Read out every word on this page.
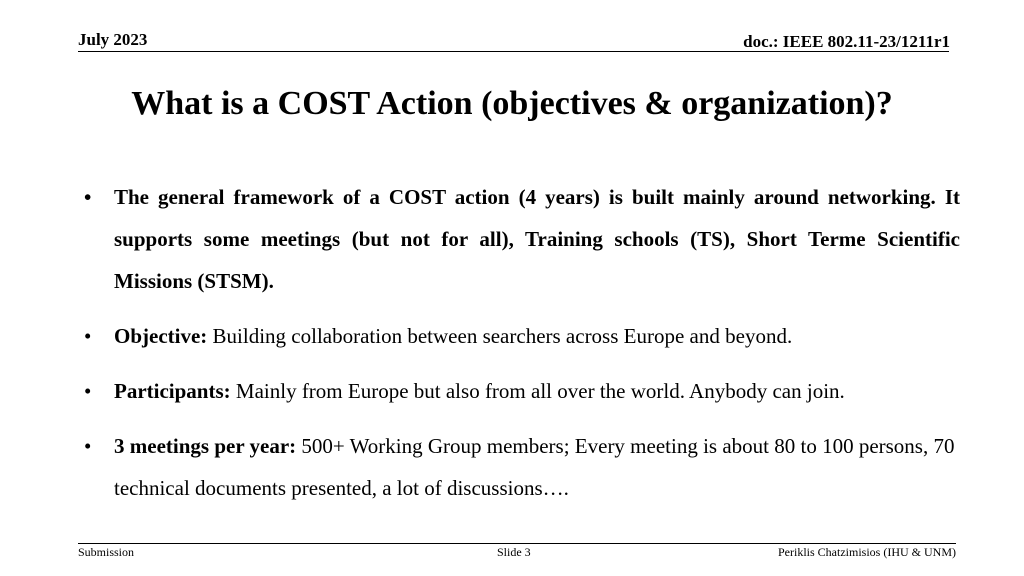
July 2023	doc.: IEEE 802.11-23/1211r1
What is a COST Action (objectives & organization)?
• The general framework of a COST action (4 years) is built mainly around networking. It supports some meetings (but not for all), Training schools (TS), Short Terme Scientific Missions (STSM).
• Objective: Building collaboration between searchers across Europe and beyond.
• Participants: Mainly from Europe but also from all over the world. Anybody can join.
• 3 meetings per year: 500+ Working Group members; Every meeting is about 80 to 100 persons, 70 technical documents presented, a lot of discussions….
Submission	Slide 3	Periklis Chatzimisios (IHU & UNM)
